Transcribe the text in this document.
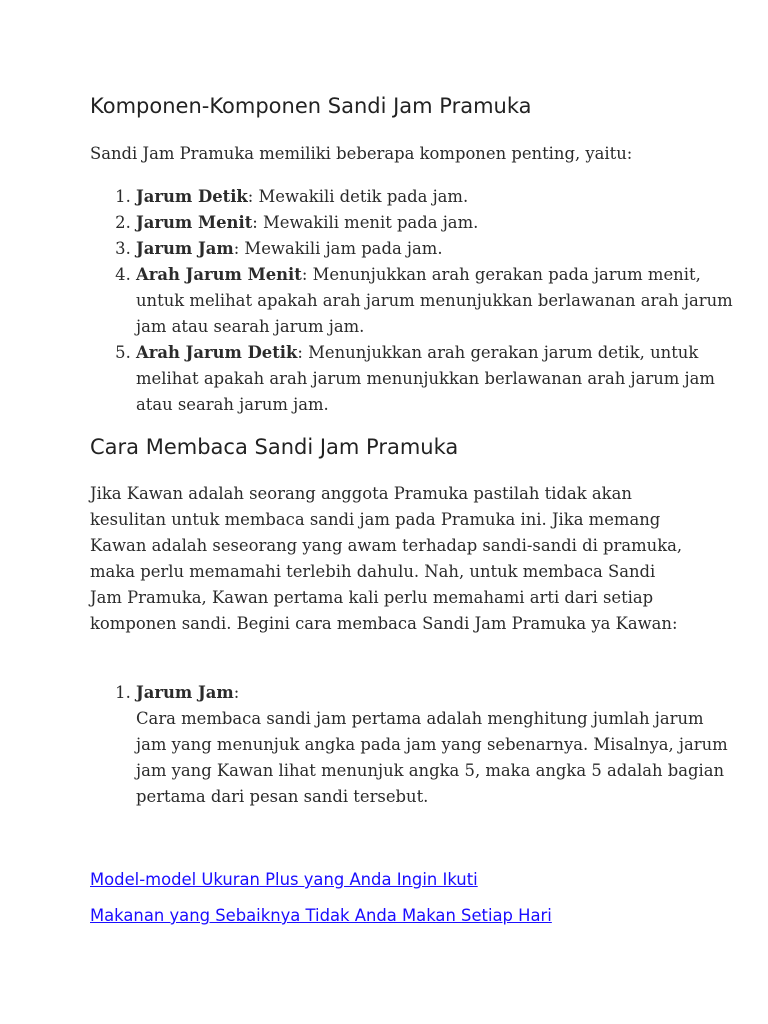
Komponen-Komponen Sandi Jam Pramuka

Sandi Jam Pramuka memiliki beberapa komponen penting, yaitu:

1. Jarum Detik: Mewakili detik pada jam.
2. Jarum Menit: Mewakili menit pada jam.
3. Jarum Jam: Mewakili jam pada jam.
4. Arah Jarum Menit: Menunjukkan arah gerakan pada jarum menit, untuk melihat apakah arah jarum menunjukkan berlawanan arah jarum jam atau searah jarum jam.
5. Arah Jarum Detik: Menunjukkan arah gerakan jarum detik, untuk melihat apakah arah jarum menunjukkan berlawanan arah jarum jam atau searah jarum jam.
Cara Membaca Sandi Jam Pramuka

Jika Kawan adalah seorang anggota Pramuka pastilah tidak akan kesulitan untuk membaca sandi jam pada Pramuka ini. Jika memang Kawan adalah seseorang yang awam terhadap sandi-sandi di pramuka, maka perlu memamahi terlebih dahulu. Nah, untuk membaca Sandi Jam Pramuka, Kawan pertama kali perlu memahami arti dari setiap komponen sandi. Begini cara membaca Sandi Jam Pramuka ya Kawan:

1. Jarum Jam:
Cara membaca sandi jam pertama adalah menghitung jumlah jarum jam yang menunjuk angka pada jam yang sebenarnya. Misalnya, jarum jam yang Kawan lihat menunjuk angka 5, maka angka 5 adalah bagian pertama dari pesan sandi tersebut.
Model-model Ukuran Plus yang Anda Ingin Ikuti
Makanan yang Sebaiknya Tidak Anda Makan Setiap Hari
